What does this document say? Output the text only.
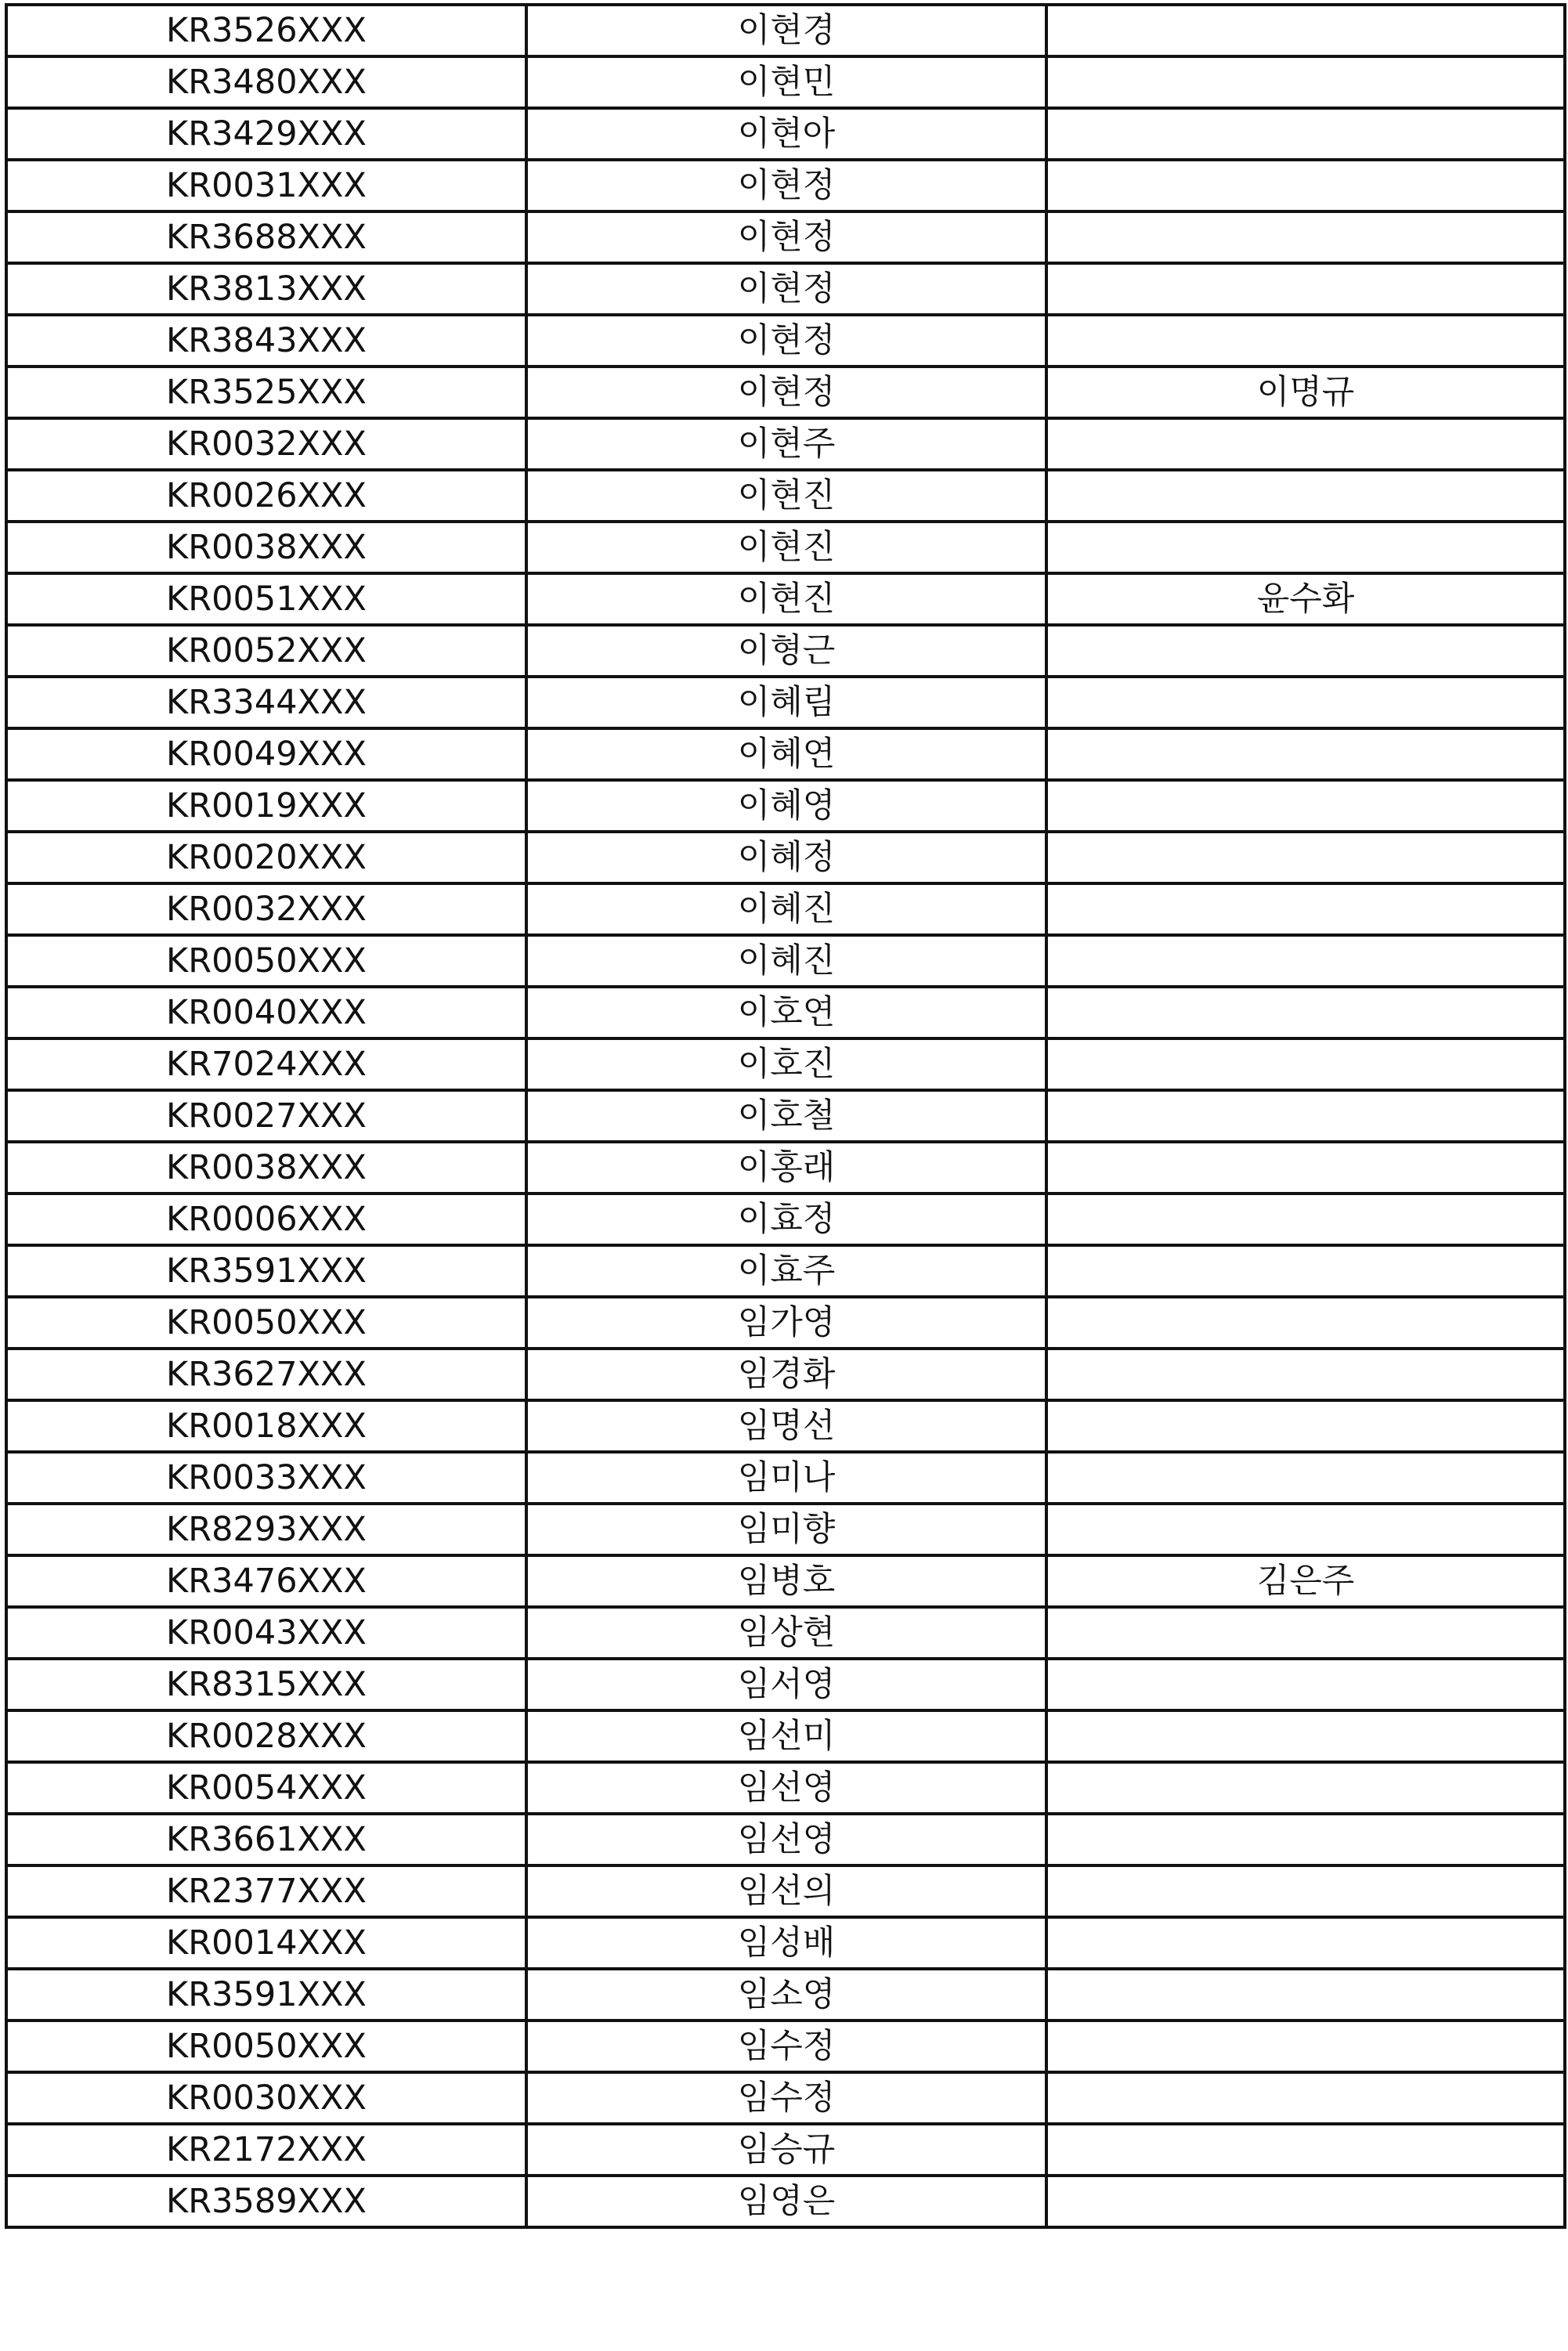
KR3526XXX	이현경	
KR3480XXX	이현민	
KR3429XXX	이현아	
KR0031XXX	이현정	
KR3688XXX	이현정	
KR3813XXX	이현정	
KR3843XXX	이현정	
KR3525XXX	이현정	이명규
KR0032XXX	이현주	
KR0026XXX	이현진	
KR0038XXX	이현진	
KR0051XXX	이현진	윤수화
KR0052XXX	이형근	
KR3344XXX	이혜림	
KR0049XXX	이혜연	
KR0019XXX	이혜영	
KR0020XXX	이혜정	
KR0032XXX	이혜진	
KR0050XXX	이혜진	
KR0040XXX	이호연	
KR7024XXX	이호진	
KR0027XXX	이호철	
KR0038XXX	이홍래	
KR0006XXX	이효정	
KR3591XXX	이효주	
KR0050XXX	임가영	
KR3627XXX	임경화	
KR0018XXX	임명선	
KR0033XXX	임미나	
KR8293XXX	임미향	
KR3476XXX	임병호	김은주
KR0043XXX	임상현	
KR8315XXX	임서영	
KR0028XXX	임선미	
KR0054XXX	임선영	
KR3661XXX	임선영	
KR2377XXX	임선의	
KR0014XXX	임성배	
KR3591XXX	임소영	
KR0050XXX	임수정	
KR0030XXX	임수정	
KR2172XXX	임승규	
KR3589XXX	임영은	
